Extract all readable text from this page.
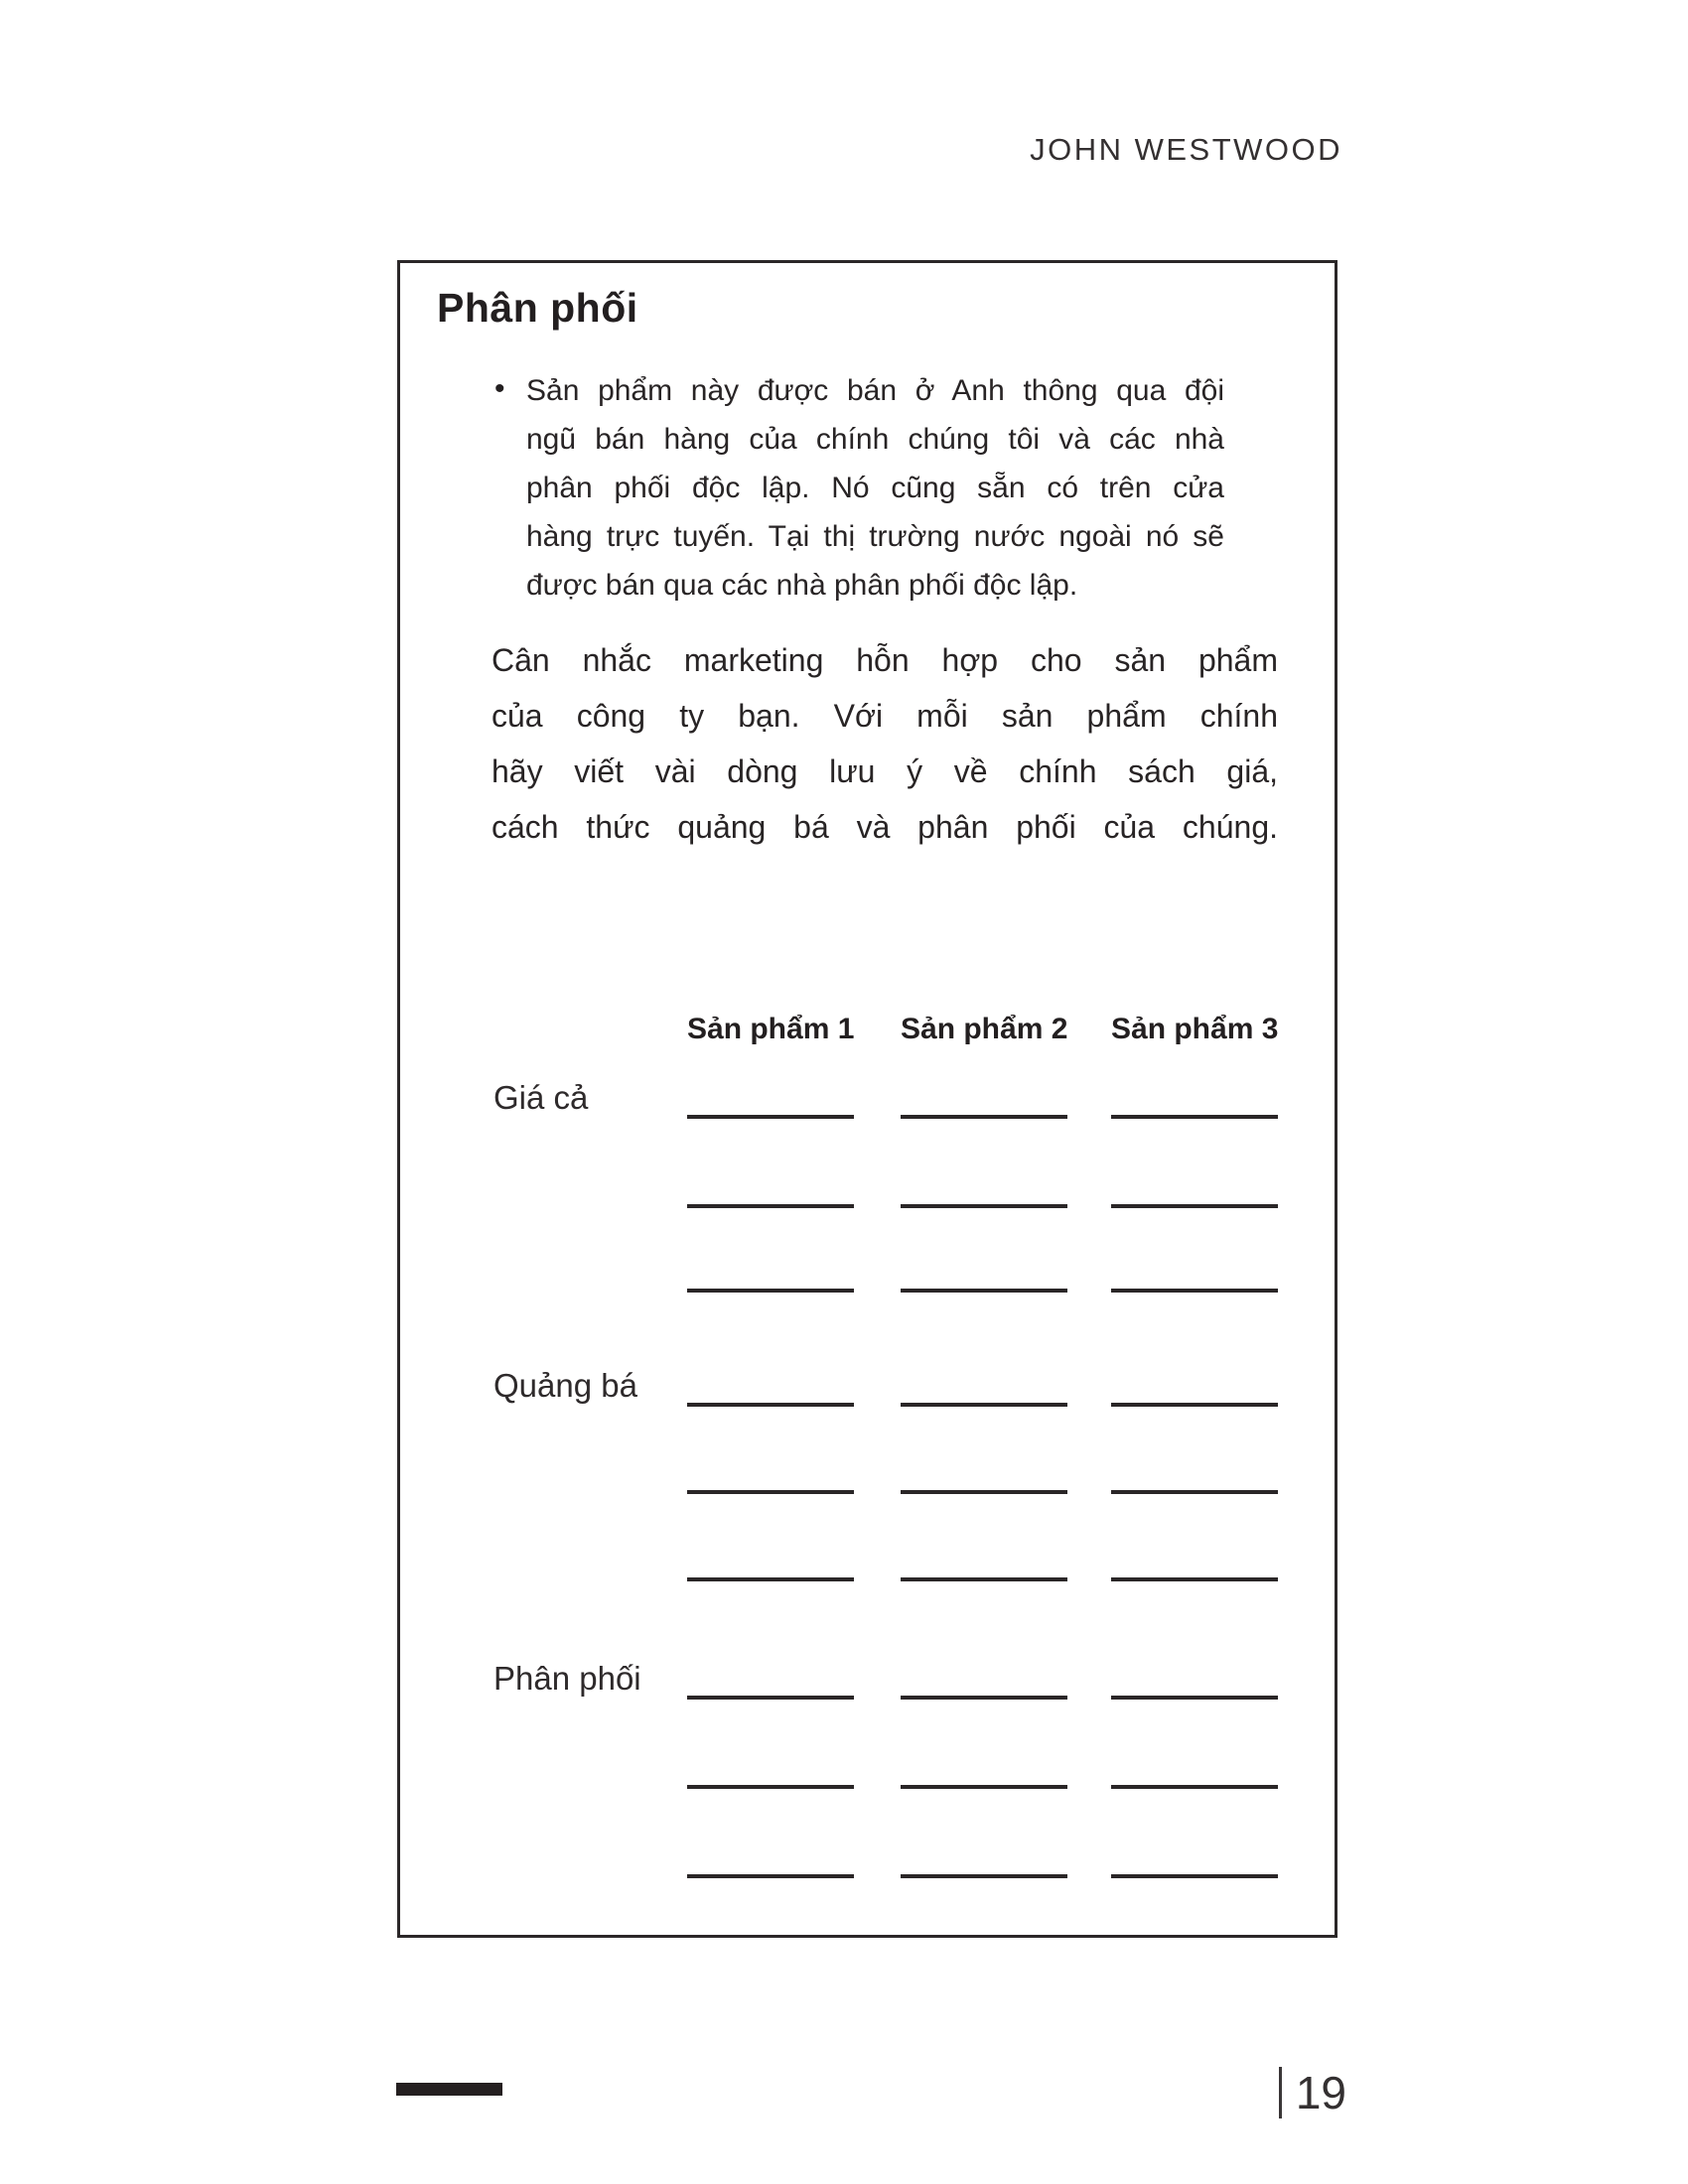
JOHN WESTWOOD
Phân phối
• Sản phẩm này được bán ở Anh thông qua đội
ngũ bán hàng của chính chúng tôi và các nhà
phân phối độc lập. Nó cũng sẵn có trên cửa
hàng trực tuyến. Tại thị trường nước ngoài nó sẽ
được bán qua các nhà phân phối độc lập.
Cân nhắc marketing hỗn hợp cho sản phẩm
của công ty bạn. Với mỗi sản phẩm chính
hãy viết vài dòng lưu ý về chính sách giá,
cách thức quảng bá và phân phối của chúng.
Sản phẩm 1 Sản phẩm 2 Sản phẩm 3
Giá cả
Quảng bá
Phân phối
19
